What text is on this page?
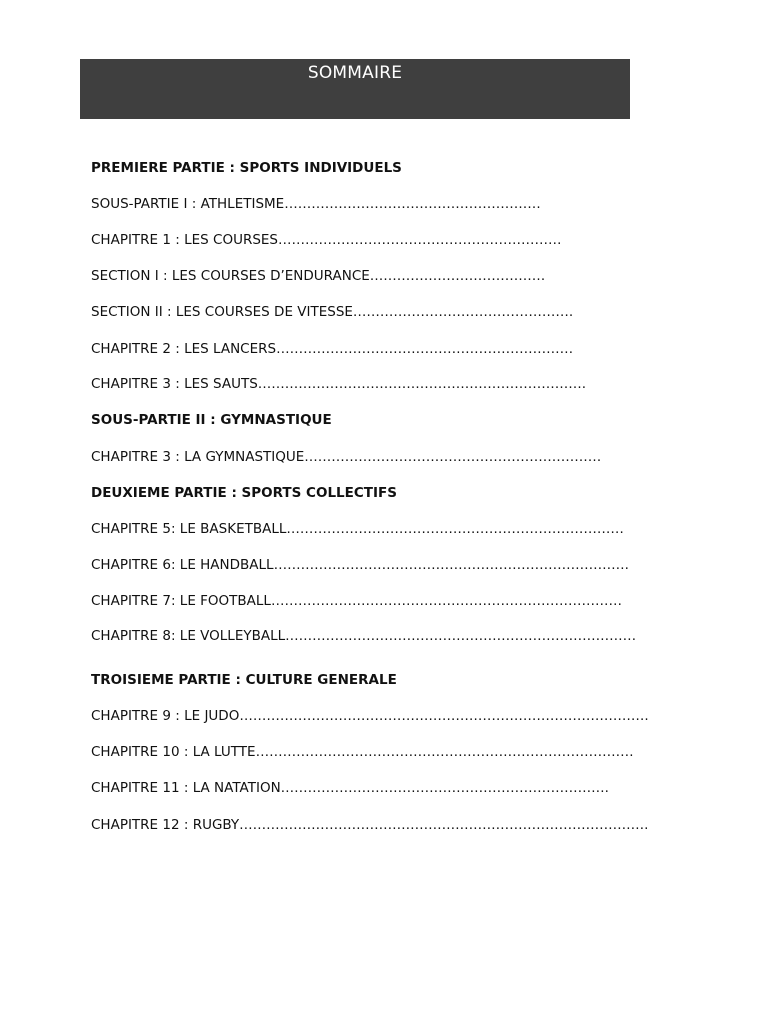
SOMMAIRE
PREMIERE PARTIE : SPORTS INDIVIDUELS
SOUS-PARTIE I : ATHLETISME…………………………………………………
CHAPITRE 1 : LES COURSES………………………………………………………
SECTION I : LES COURSES D’ENDURANCE…………………………………
SECTION II : LES COURSES DE VITESSE………………………………………….
CHAPITRE 2 : LES LANCERS…………………………………………………………
CHAPITRE 3 : LES SAUTS……………………………………………………………….
SOUS-PARTIE II : GYMNASTIQUE
CHAPITRE 3 : LA GYMNASTIQUE…………………………………………………………
DEUXIEME PARTIE : SPORTS COLLECTIFS
CHAPITRE 5: LE BASKETBALL…………………………………………………………………
CHAPITRE 6: LE HANDBALL…………………………………………………………………….
CHAPITRE 7: LE FOOTBALL……………………………………………………………………
CHAPITRE 8: LE VOLLEYBALL……………………………………………………………………
TROISIEME PARTIE : CULTURE GENERALE
CHAPITRE 9 : LE JUDO……………………………………………………………………………….
CHAPITRE 10 : LA LUTTE…………………………………………………………………………
CHAPITRE 11 : LA NATATION……………………………………………………………….
CHAPITRE 12 : RUGBY……………………………………………………………………………….
